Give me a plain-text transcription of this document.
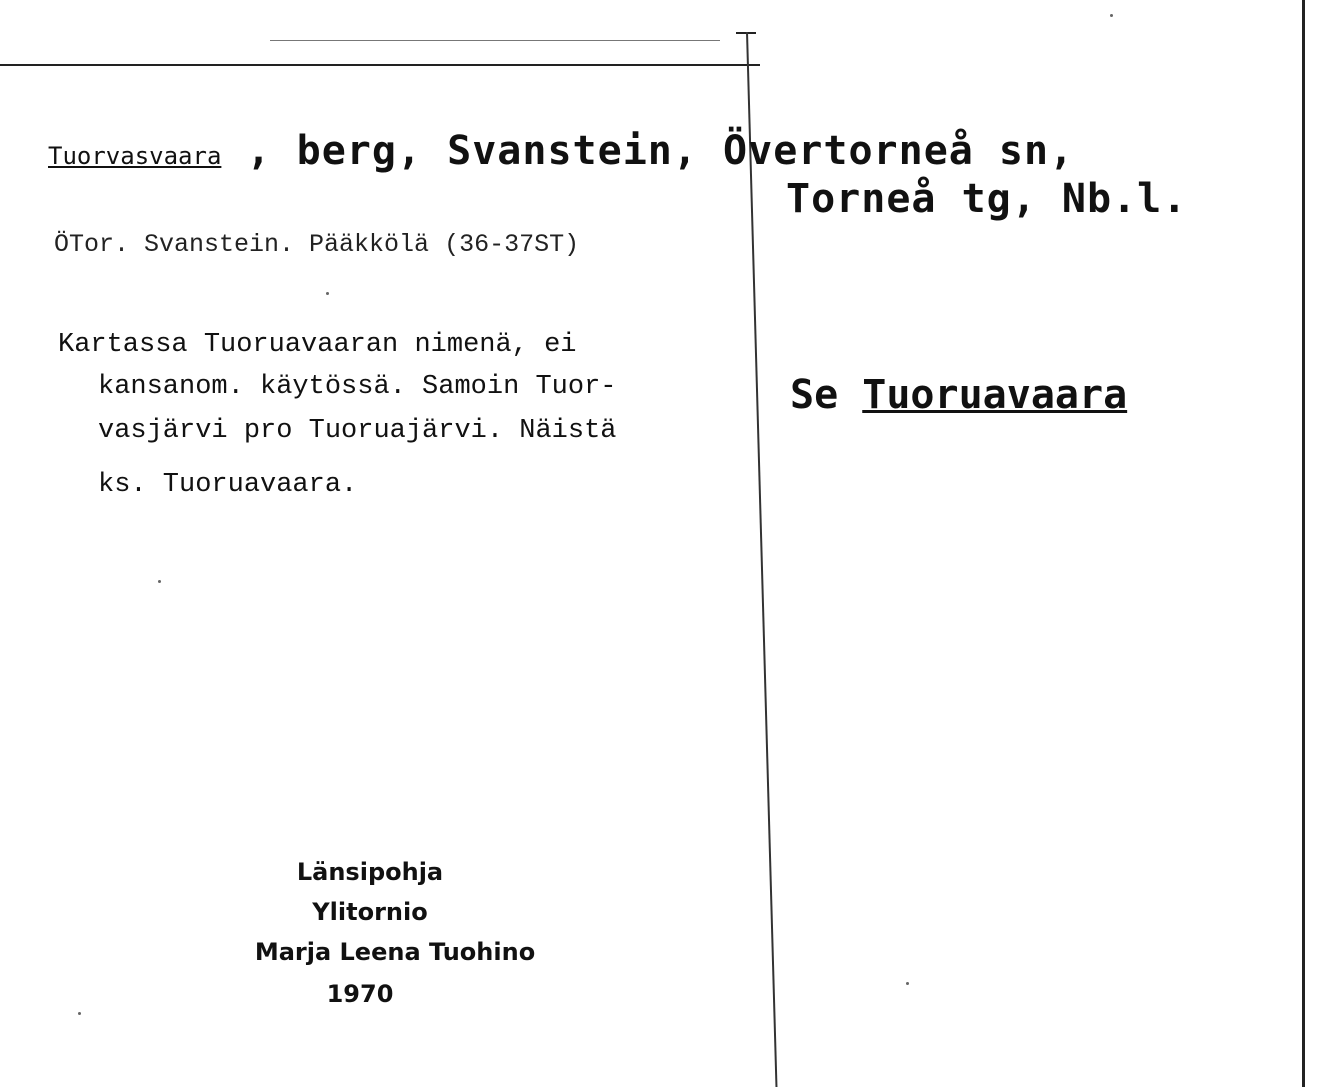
Tuorvasvaara , berg, Svanstein, Övertorneå sn,
Torneå tg, Nb.l.
ÖTor. Svanstein. Pääkkölä (36-37ST)
Kartassa Tuoruavaaran nimenä, ei
kansanom. käytössä. Samoin Tuor-
vasjärvi pro Tuoruajärvi. Näistä
ks. Tuoruavaara.
Se Tuoruavaara
Länsipohja
Ylitornio
Marja Leena Tuohino
1970
